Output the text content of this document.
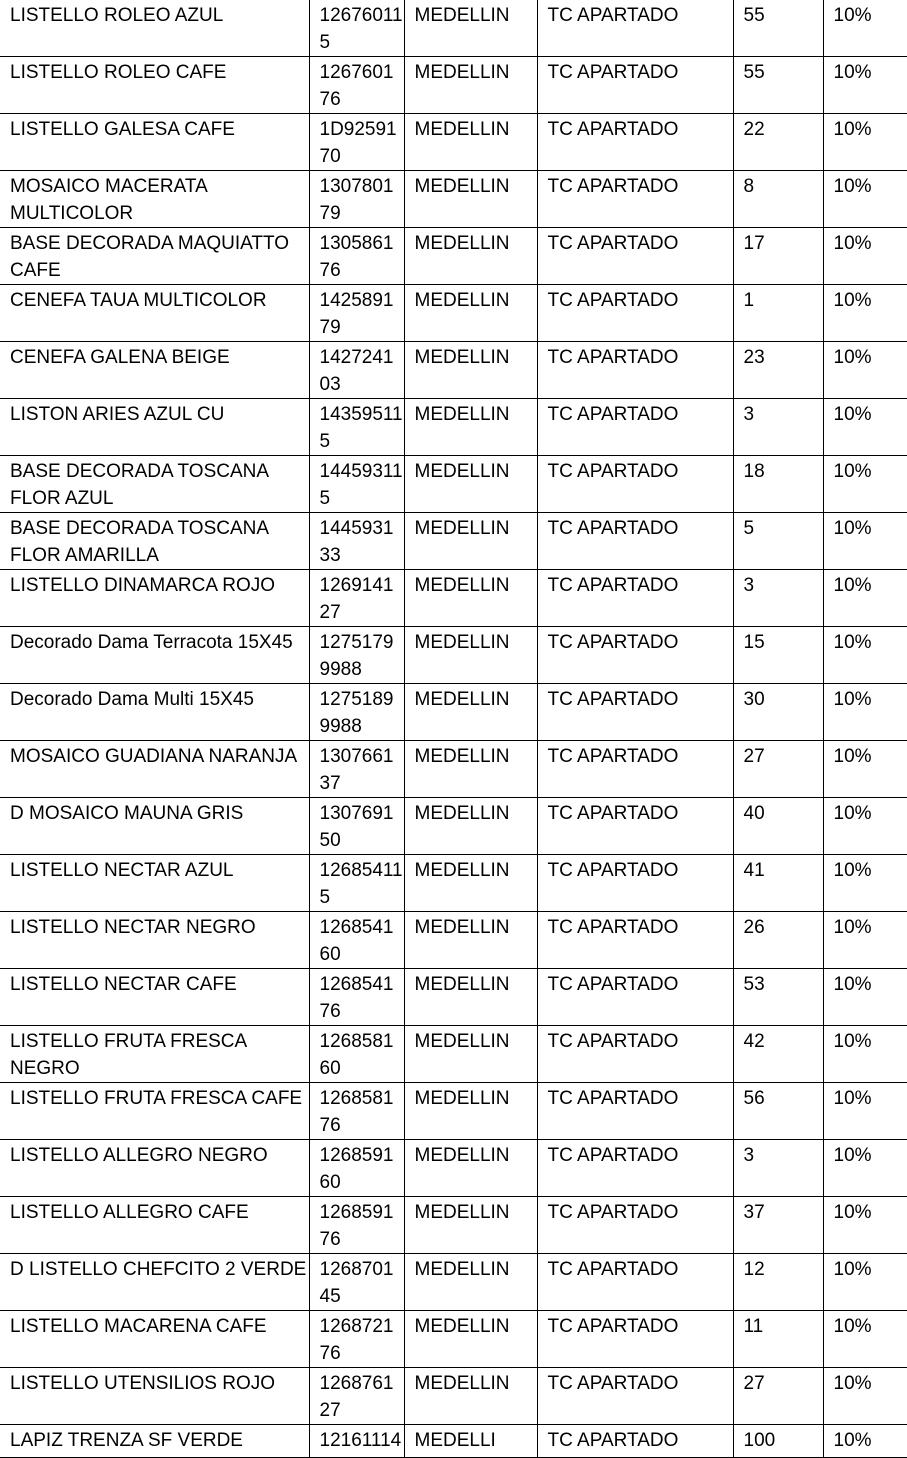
LISTELLO ROLEO AZUL	126760115	MEDELLIN	TC APARTADO	55	10%
LISTELLO ROLEO CAFE	126760176	MEDELLIN	TC APARTADO	55	10%
LISTELLO GALESA CAFE	1D9259170	MEDELLIN	TC APARTADO	22	10%
MOSAICO MACERATA MULTICOLOR	130780179	MEDELLIN	TC APARTADO	8	10%
BASE DECORADA MAQUIATTO CAFE	130586176	MEDELLIN	TC APARTADO	17	10%
CENEFA TAUA MULTICOLOR	142589179	MEDELLIN	TC APARTADO	1	10%
CENEFA GALENA BEIGE	142724103	MEDELLIN	TC APARTADO	23	10%
LISTON ARIES AZUL CU	143595115	MEDELLIN	TC APARTADO	3	10%
BASE DECORADA TOSCANA FLOR AZUL	144593115	MEDELLIN	TC APARTADO	18	10%
BASE DECORADA TOSCANA FLOR AMARILLA	144593133	MEDELLIN	TC APARTADO	5	10%
LISTELLO DINAMARCA ROJO	126914127	MEDELLIN	TC APARTADO	3	10%
Decorado Dama Terracota 15X45	12751799988	MEDELLIN	TC APARTADO	15	10%
Decorado Dama Multi 15X45	12751899988	MEDELLIN	TC APARTADO	30	10%
MOSAICO GUADIANA NARANJA	130766137	MEDELLIN	TC APARTADO	27	10%
D MOSAICO MAUNA GRIS	130769150	MEDELLIN	TC APARTADO	40	10%
LISTELLO NECTAR AZUL	126854115	MEDELLIN	TC APARTADO	41	10%
LISTELLO NECTAR NEGRO	126854160	MEDELLIN	TC APARTADO	26	10%
LISTELLO NECTAR CAFE	126854176	MEDELLIN	TC APARTADO	53	10%
LISTELLO FRUTA FRESCA NEGRO	126858160	MEDELLIN	TC APARTADO	42	10%
LISTELLO FRUTA FRESCA CAFE	126858176	MEDELLIN	TC APARTADO	56	10%
LISTELLO ALLEGRO NEGRO	126859160	MEDELLIN	TC APARTADO	3	10%
LISTELLO ALLEGRO CAFE	126859176	MEDELLIN	TC APARTADO	37	10%
D LISTELLO CHEFCITO 2 VERDE	126870145	MEDELLIN	TC APARTADO	12	10%
LISTELLO MACARENA CAFE	126872176	MEDELLIN	TC APARTADO	11	10%
LISTELLO UTENSILIOS ROJO	126876127	MEDELLIN	TC APARTADO	27	10%
LAPIZ TRENZA SF VERDE	12161114	MEDELLI	TC APARTADO	100	10%
